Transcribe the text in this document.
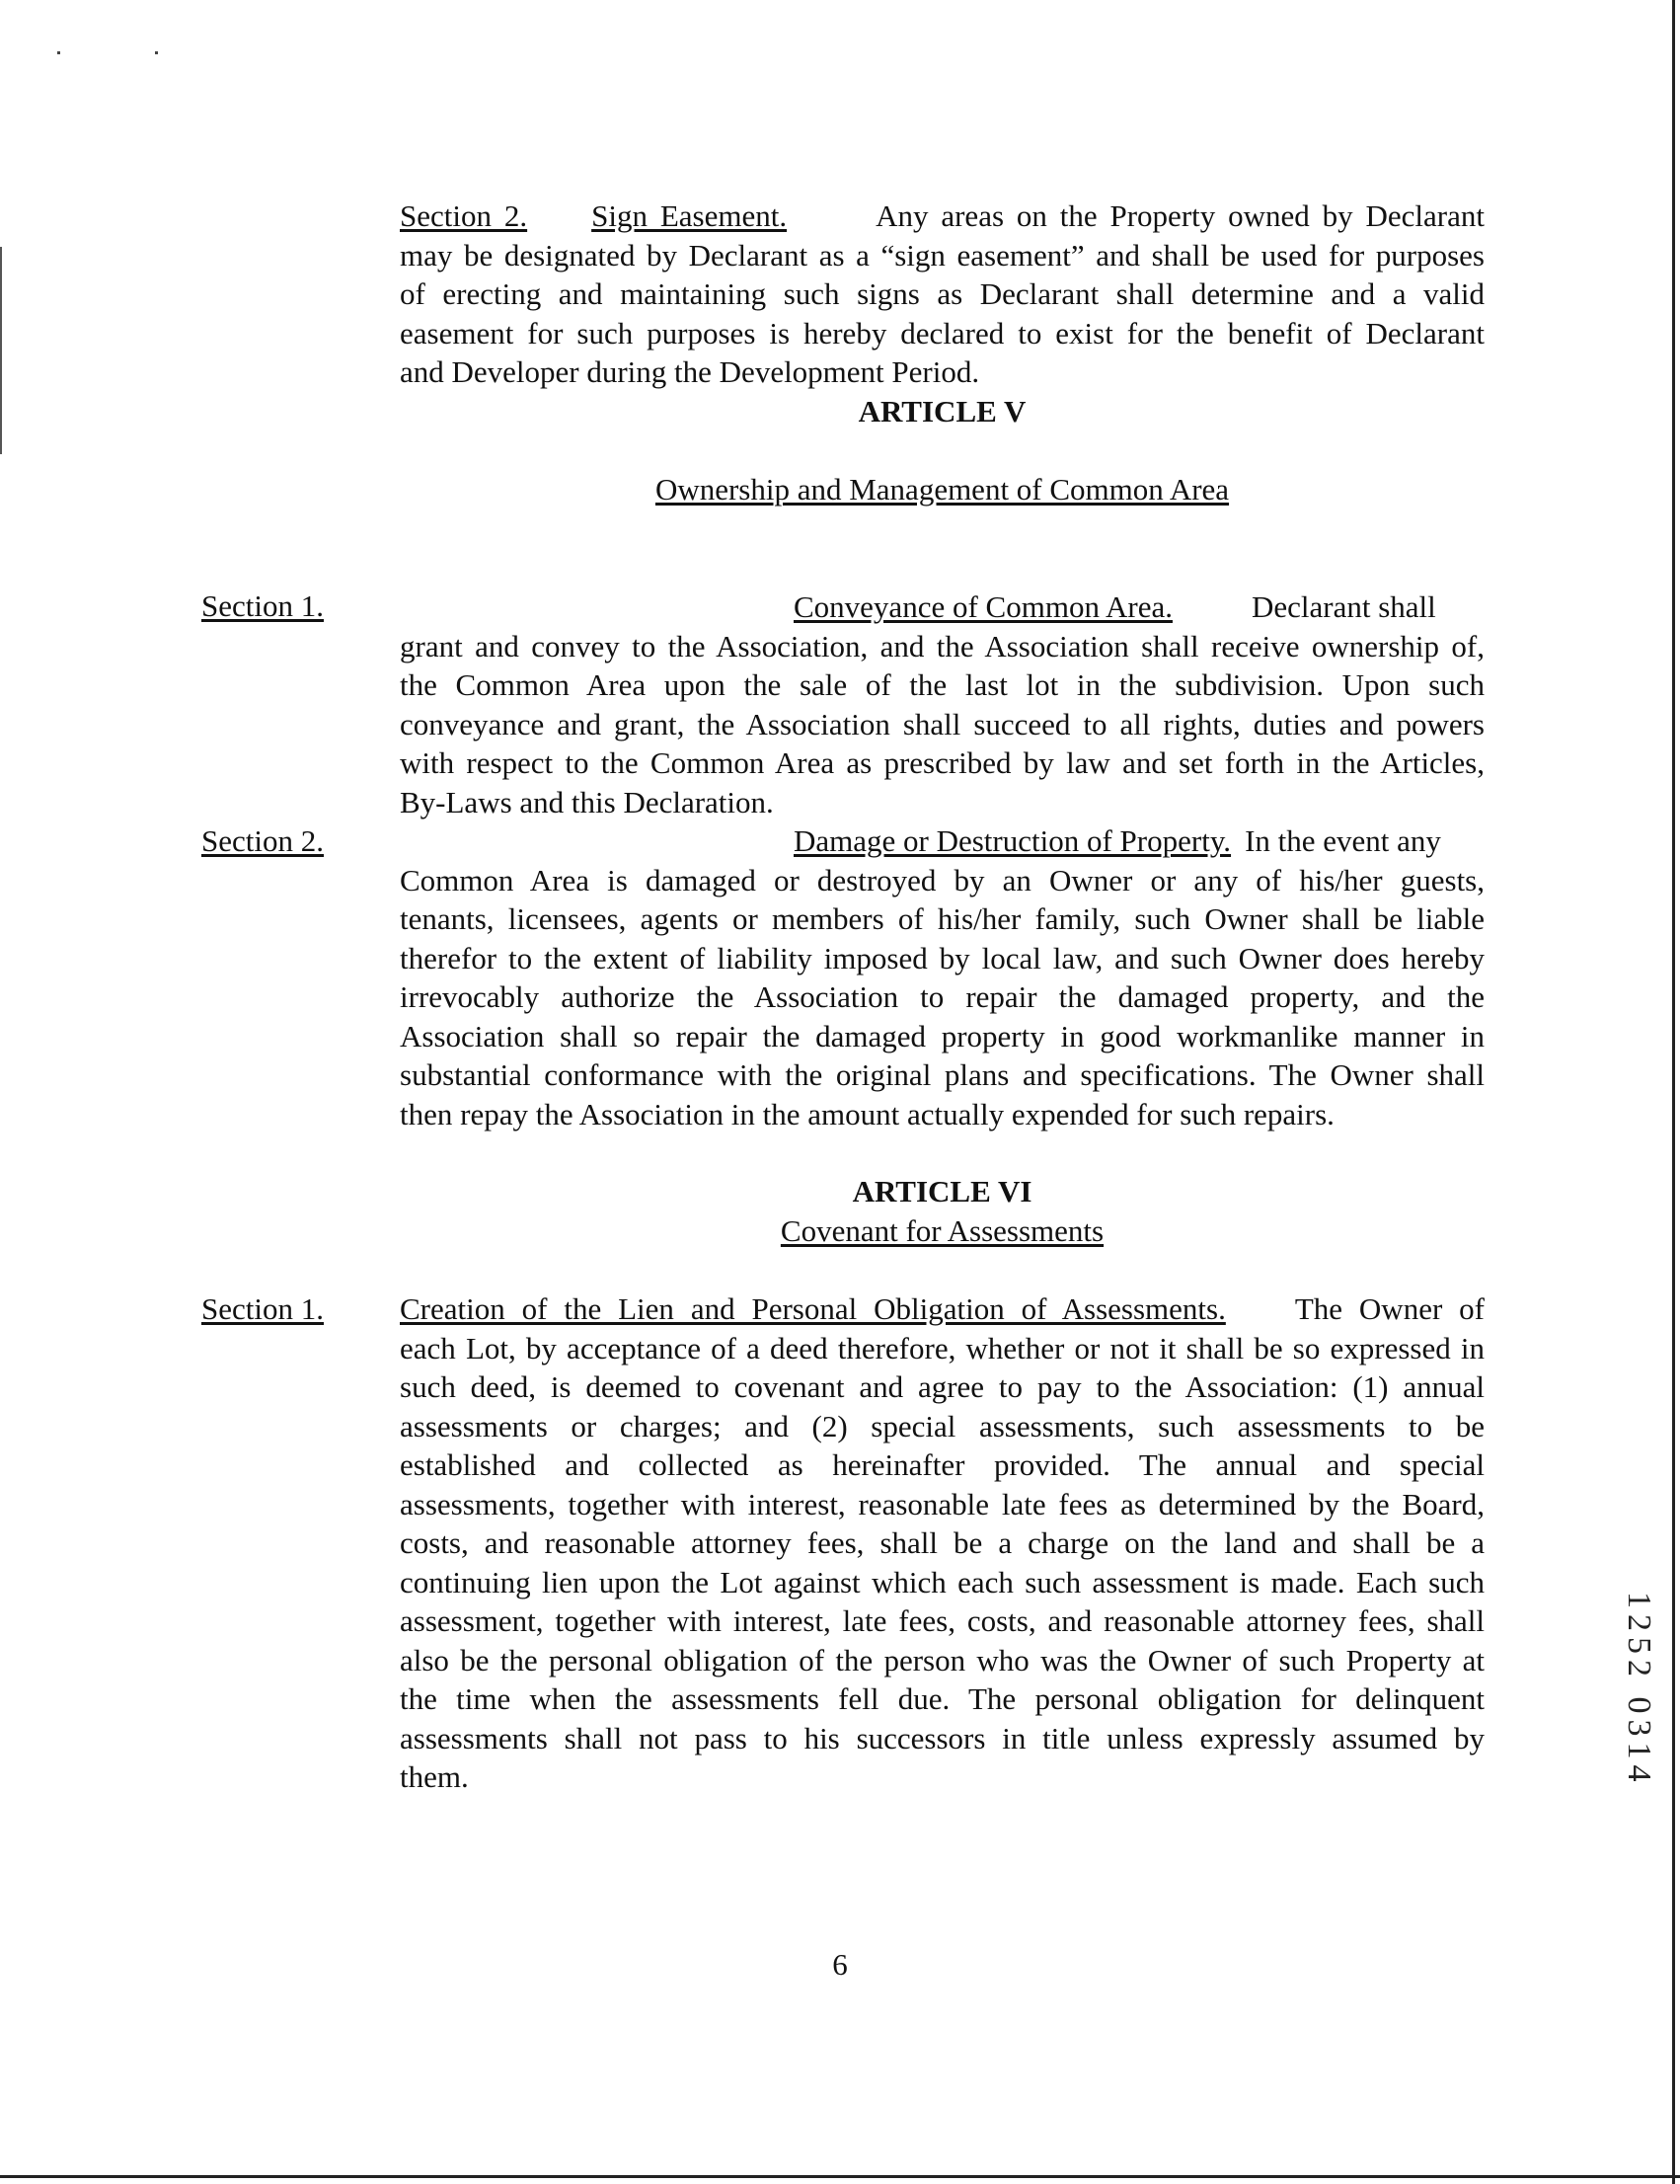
Section 2. Sign Easement.	Any areas on the Property owned by Declarant
may be designated by Declarant as a “sign easement” and shall be used for purposes
of erecting and maintaining such signs as Declarant shall determine and a valid
easement for such purposes is hereby declared to exist for the benefit of Declarant
and Developer during the Development Period.
ARTICLE V
Ownership and Management of Common Area
Section 1.	Conveyance of Common Area.	Declarant shall
grant and convey to the Association, and the Association shall receive ownership of,
the Common Area upon the sale of the last lot in the subdivision. Upon such
conveyance and grant, the Association shall succeed to all rights, duties and powers
with respect to the Common Area as prescribed by law and set forth in the Articles,
By-Laws and this Declaration.
Section 2.	Damage or Destruction of Property. In the event any
Common Area is damaged or destroyed by an Owner or any of his/her guests,
tenants, licensees, agents or members of his/her family, such Owner shall be liable
therefor to the extent of liability imposed by local law, and such Owner does hereby
irrevocably authorize the Association to repair the damaged property, and the
Association shall so repair the damaged property in good workmanlike manner in
substantial conformance with the original plans and specifications. The Owner shall
then repay the Association in the amount actually expended for such repairs.
ARTICLE VI
Covenant for Assessments
Section 1. Creation of the Lien and Personal Obligation of Assessments. The Owner of
each Lot, by acceptance of a deed therefore, whether or not it shall be so expressed in
such deed, is deemed to covenant and agree to pay to the Association: (1) annual
assessments or charges; and (2) special assessments, such assessments to be
established and collected as hereinafter provided. The annual and special
assessments, together with interest, reasonable late fees as determined by the Board,
costs, and reasonable attorney fees, shall be a charge on the land and shall be a
continuing lien upon the Lot against which each such assessment is made. Each such
assessment, together with interest, late fees, costs, and reasonable attorney fees, shall
also be the personal obligation of the person who was the Owner of such Property at
the time when the assessments fell due. The personal obligation for delinquent
assessments shall not pass to his successors in title unless expressly assumed by
them.
6
1252 0314
